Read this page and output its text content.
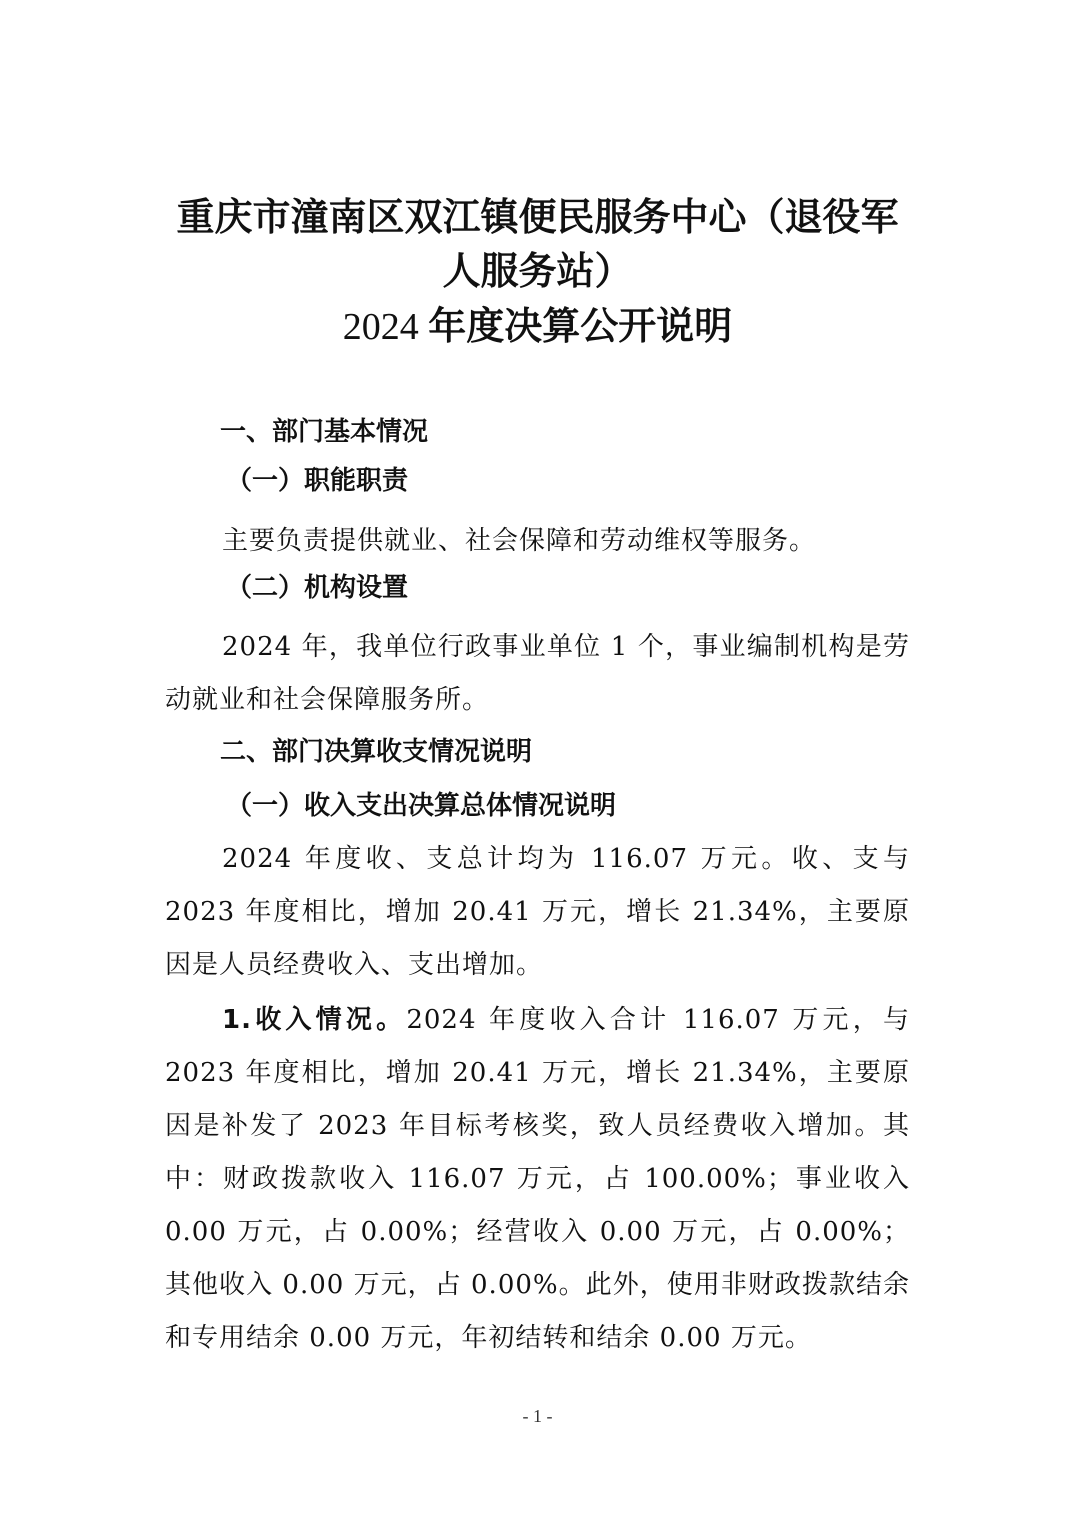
重庆市潼南区双江镇便民服务中心（退役军
人服务站）
2024 年度决算公开说明
一、部门基本情况
（一）职能职责

主要负责提供就业、社会保障和劳动维权等服务。

（二）机构设置

2024 年，我单位行政事业单位 1 个，事业编制机构是劳动就业和社会保障服务所。

二、部门决算收支情况说明
（一）收入支出决算总体情况说明

2024 年度收、支总计均为 116.07 万元。收、支与 2023 年度相比，增加 20.41 万元，增长 21.34%，主要原因是人员经费收入、支出增加。

1.收入情况。2024 年度收入合计 116.07 万元，与 2023 年度相比，增加 20.41 万元，增长 21.34%，主要原因是补发了 2023 年目标考核奖，致人员经费收入增加。其中：财政拨款收入 116.07 万元，占 100.00%；事业收入 0.00 万元，占 0.00%；经营收入 0.00 万元，占 0.00%；其他收入 0.00 万元，占 0.00%。此外，使用非财政拨款结余和专用结余 0.00 万元，年初结转和结余 0.00 万元。

- 1 -
